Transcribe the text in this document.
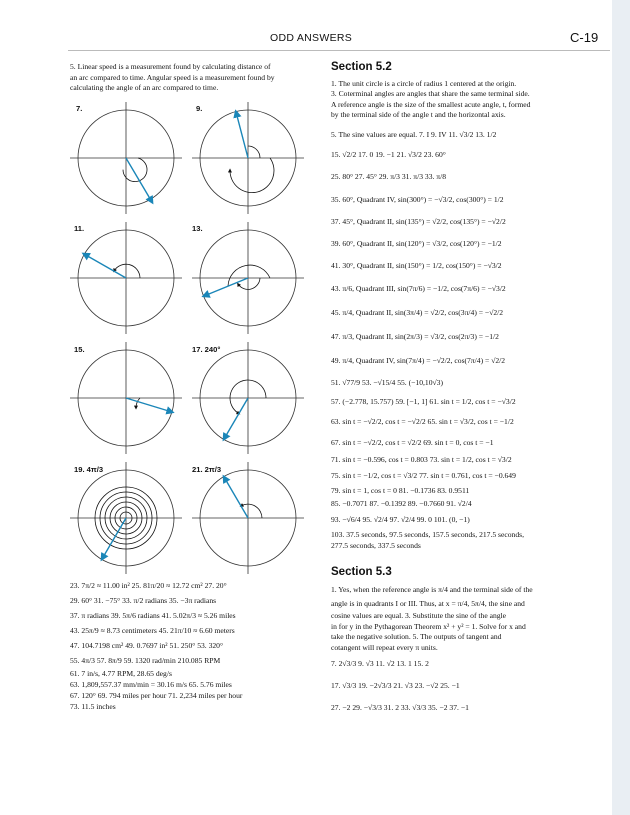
ODD ANSWERS	C-19
5. Linear speed is a measurement found by calculating distance of
an arc compared to time. Angular speed is a measurement found by
calculating the angle of an arc compared to time.
7.	9.
11.	13.
15.	17. 240°
19. 4π/3	21. 2π/3
23. 7π/2 ≈ 11.00 in² 25. 81π/20 ≈ 12.72 cm² 27. 20°
29. 60° 31. −75° 33. π/2 radians 35. −3π radians
37. π radians 39. 5π/6 radians 41. 5.02π/3 ≈ 5.26 miles
43. 25π/9 ≈ 8.73 centimeters 45. 21π/10 ≈ 6.60 meters
47. 104.7198 cm² 49. 0.7697 in² 51. 250° 53. 320°
55. 4π/3 57. 8π/9 59. 1320 rad/min 210.085 RPM
61. 7 in/s, 4.77 RPM, 28.65 deg/s
63. 1,809,557.37 mm/min = 30.16 m/s 65. 5.76 miles
67. 120° 69. 794 miles per hour 71. 2,234 miles per hour
73. 11.5 inches
Section 5.2
1. The unit circle is a circle of radius 1 centered at the origin.
3. Coterminal angles are angles that share the same terminal side.
A reference angle is the size of the smallest acute angle, t, formed
by the terminal side of the angle t and the horizontal axis.
5. The sine values are equal. 7. I 9. IV 11. √3/2 13. 1/2
15. √2/2 17. 0 19. −1 21. √3/2 23. 60°
25. 80° 27. 45° 29. π/3 31. π/3 33. π/8
35. 60°, Quadrant IV, sin(300°) = −√3/2, cos(300°) = 1/2
37. 45°, Quadrant II, sin(135°) = √2/2, cos(135°) = −√2/2
39. 60°, Quadrant II, sin(120°) = √3/2, cos(120°) = −1/2
41. 30°, Quadrant II, sin(150°) = 1/2, cos(150°) = −√3/2
43. π/6, Quadrant III, sin(7π/6) = −1/2, cos(7π/6) = −√3/2
45. π/4, Quadrant II, sin(3π/4) = √2/2, cos(3π/4) = −√2/2
47. π/3, Quadrant II, sin(2π/3) = √3/2, cos(2π/3) = −1/2
49. π/4, Quadrant IV, sin(7π/4) = −√2/2, cos(7π/4) = √2/2
51. √77/9 53. −√15/4 55. (−10,10√3)
57. (−2.778, 15.757) 59. [−1, 1] 61. sin t = 1/2, cos t = −√3/2
63. sin t = −√2/2, cos t = −√2/2 65. sin t = √3/2, cos t = −1/2
67. sin t = −√2/2, cos t = √2/2 69. sin t = 0, cos t = −1
71. sin t = −0.596, cos t = 0.803 73. sin t = 1/2, cos t = √3/2
75. sin t = −1/2, cos t = √3/2 77. sin t = 0.761, cos t = −0.649
79. sin t = 1, cos t = 0 81. −0.1736 83. 0.9511
85. −0.7071 87. −0.1392 89. −0.7660 91. √2/4
93. −√6/4 95. √2/4 97. √2/4 99. 0 101. (0, −1)
103. 37.5 seconds, 97.5 seconds, 157.5 seconds, 217.5 seconds,
277.5 seconds, 337.5 seconds
Section 5.3
1. Yes, when the reference angle is π/4 and the terminal side of the
angle is in quadrants I or III. Thus, at x = π/4, 5π/4, the sine and
cosine values are equal. 3. Substitute the sine of the angle
in for y in the Pythagorean Theorem x² + y² = 1. Solve for x and
take the negative solution. 5. The outputs of tangent and
cotangent will repeat every π units.
7. 2√3/3 9. √3 11. √2 13. 1 15. 2
17. √3/3 19. −2√3/3 21. √3 23. −√2 25. −1
27. −2 29. −√3/3 31. 2 33. √3/3 35. −2 37. −1
